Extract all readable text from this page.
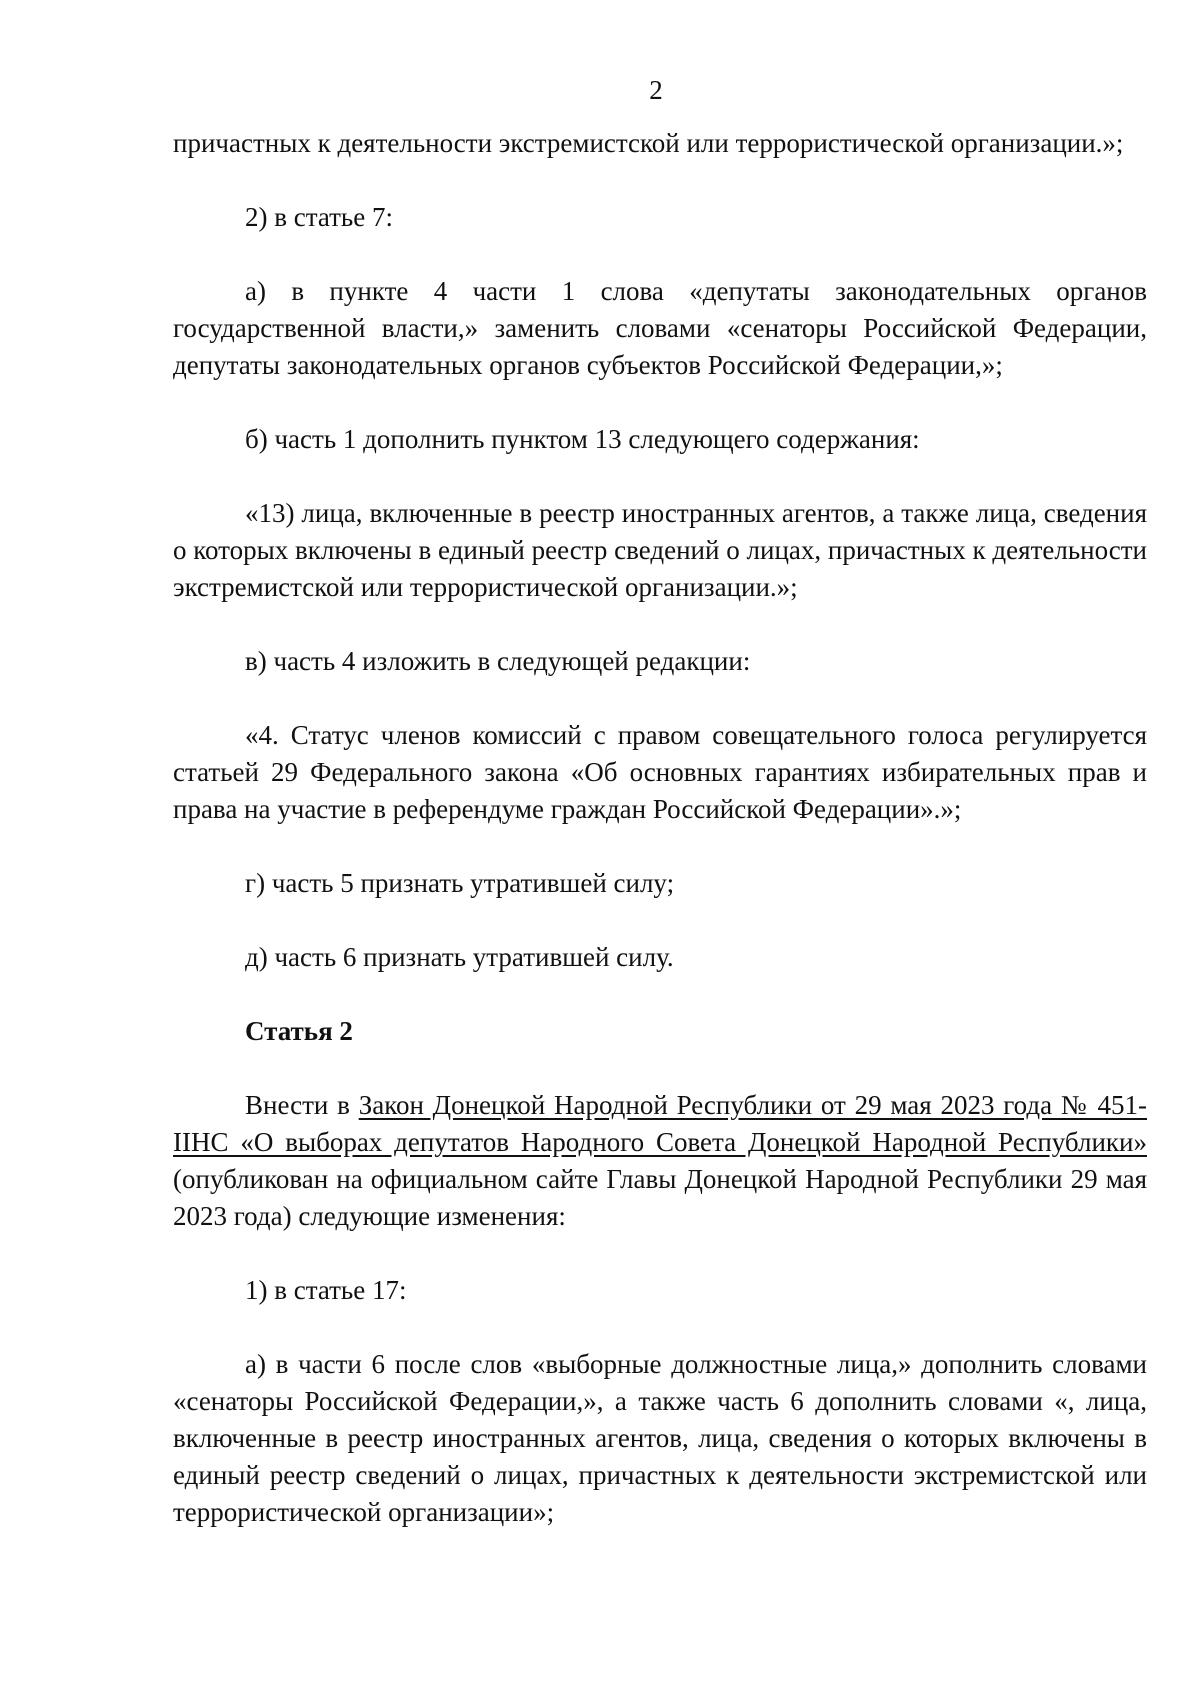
2

причастных к деятельности экстремистской или террористической организации.»;

2) в статье 7:

а) в пункте 4 части 1 слова «депутаты законодательных органов государственной власти,» заменить словами «сенаторы Российской Федерации, депутаты законодательных органов субъектов Российской Федерации,»;

б) часть 1 дополнить пунктом 13 следующего содержания:

«13) лица, включенные в реестр иностранных агентов, а также лица, сведения о которых включены в единый реестр сведений о лицах, причастных к деятельности экстремистской или террористической организации.»;

в) часть 4 изложить в следующей редакции:

«4. Статус членов комиссий с правом совещательного голоса регулируется статьей 29 Федерального закона «Об основных гарантиях избирательных прав и права на участие в референдуме граждан Российской Федерации».»;

г) часть 5 признать утратившей силу;

д) часть 6 признать утратившей силу.

Статья 2

Внести в Закон Донецкой Народной Республики от 29 мая 2023 года № 451-IIНС «О выборах депутатов Народного Совета Донецкой Народной Республики» (опубликован на официальном сайте Главы Донецкой Народной Республики 29 мая 2023 года) следующие изменения:

1) в статье 17:

а) в части 6 после слов «выборные должностные лица,» дополнить словами «сенаторы Российской Федерации,», а также часть 6 дополнить словами «, лица, включенные в реестр иностранных агентов, лица, сведения о которых включены в единый реестр сведений о лицах, причастных к деятельности экстремистской или террористической организации»;
